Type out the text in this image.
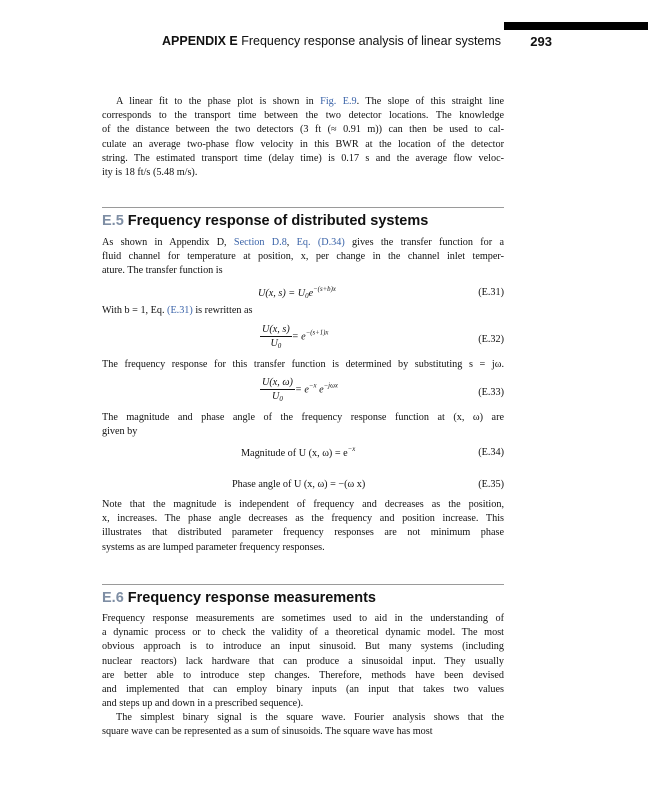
APPENDIX E Frequency response analysis of linear systems 293
A linear fit to the phase plot is shown in Fig. E.9. The slope of this straight line
corresponds to the transport time between the two detector locations. The knowledge
of the distance between the two detectors (3 ft (≈ 0.91 m)) can then be used to cal-
culate an average two-phase flow velocity in this BWR at the location of the detector
string. The estimated transport time (delay time) is 0.17 s and the average flow veloc-
ity is 18 ft/s (5.48 m/s).
E.5 Frequency response of distributed systems
As shown in Appendix D, Section D.8, Eq. (D.34) gives the transfer function for a
fluid channel for temperature at position, x, per change in the channel inlet temper-
ature. The transfer function is
U(x, $s) = U_0e^{-(s+b)x}$	(E.31)
With b = 1, Eq. (E.31) is rewritten as
$\frac{U(x, s)}{U_0} = e^{-(s+1)x}$
(E.32)
The frequency response for this transfer function is determined by substituting s = jω.
$\frac{U(x, \omega)}{U_0} = e^{-x}$ $e^{-j\omega x}$
(E.33)
The magnitude and phase angle of the frequency response function at (x, ω) are
given by
Magnitude of U (x, $\omega) = e^{-x}$	(E.34)
Phase angle of U (x, ω) = −(ω x)	(E.35)
Note that the magnitude is independent of frequency and decreases as the position,
x, increases. The phase angle decreases as the frequency and position increase. This
illustrates that distributed parameter frequency responses are not minimum phase
systems as are lumped parameter frequency responses.
E.6 Frequency response measurements
Frequency response measurements are sometimes used to aid in the understanding of
a dynamic process or to check the validity of a theoretical dynamic model. The most
obvious approach is to introduce an input sinusoid. But many systems (including
nuclear reactors) lack hardware that can produce a sinusoidal input. They usually
are better able to introduce step changes. Therefore, methods have been devised
and implemented that can employ binary inputs (an input that takes two values
and steps up and down in a prescribed sequence).
The simplest binary signal is the square wave. Fourier analysis shows that the
square wave can be represented as a sum of sinusoids. The square wave has most
